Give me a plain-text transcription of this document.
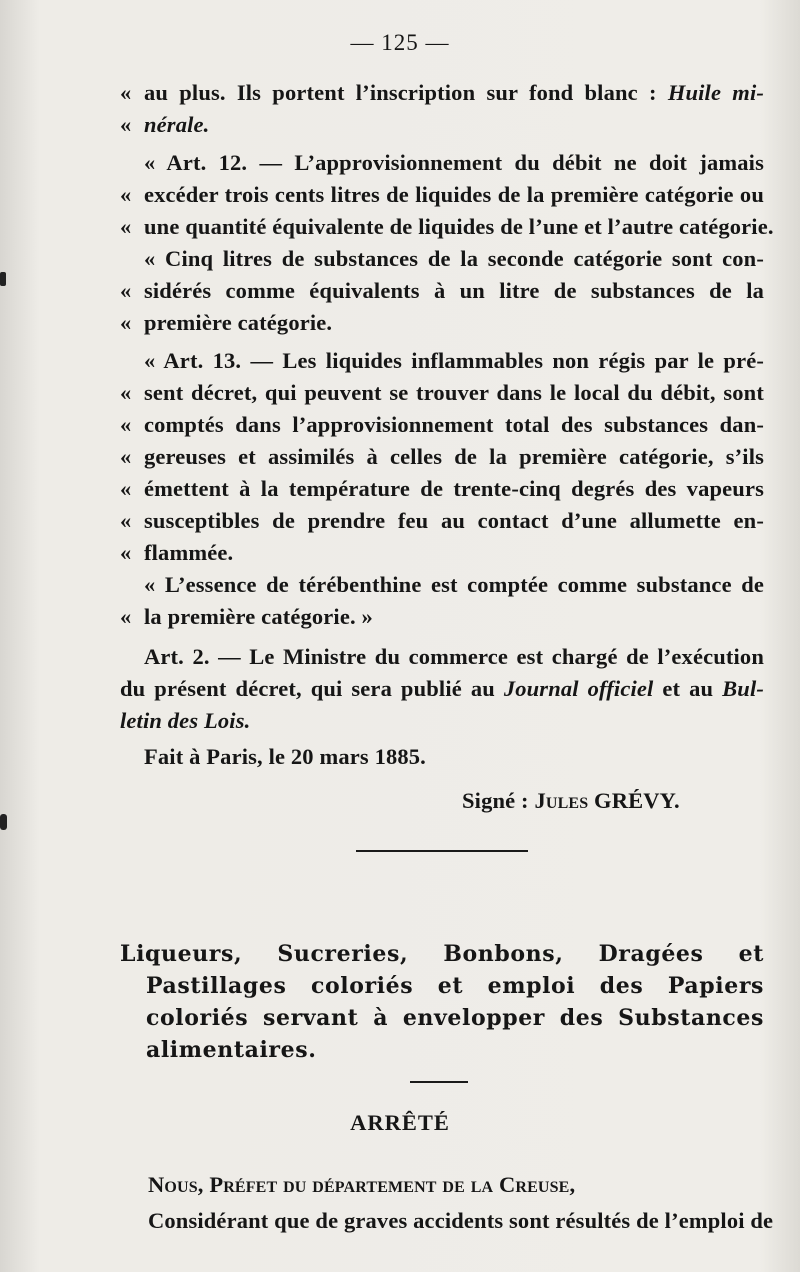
— 125 —
« au plus. Ils portent l’inscription sur fond blanc : Huile mi-
« nérale.
« Art. 12. — L’approvisionnement du débit ne doit jamais
« excéder trois cents litres de liquides de la première catégorie ou
« une quantité équivalente de liquides de l’une et l’autre catégorie.
« Cinq litres de substances de la seconde catégorie sont con-
« sidérés comme équivalents à un litre de substances de la
« première catégorie.
« Art. 13. — Les liquides inflammables non régis par le pré-
« sent décret, qui peuvent se trouver dans le local du débit, sont
« comptés dans l’approvisionnement total des substances dan-
« gereuses et assimilés à celles de la première catégorie, s’ils
« émettent à la température de trente-cinq degrés des vapeurs
« susceptibles de prendre feu au contact d’une allumette en-
« flammée.
« L’essence de térébenthine est comptée comme substance de
« la première catégorie. »
Art. 2. — Le Ministre du commerce est chargé de l’exécution
du présent décret, qui sera publié au Journal officiel et au Bul-
letin des Lois.
Fait à Paris, le 20 mars 1885.
Signé : Jules GRÉVY.
Liqueurs, Sucreries, Bonbons, Dragées et
Pastillages coloriés et emploi des Papiers
coloriés servant à envelopper des Substances
alimentaires.
ARRÊTÉ
Nous, Préfet du département de la Creuse,
Considérant que de graves accidents sont résultés de l’emploi de
